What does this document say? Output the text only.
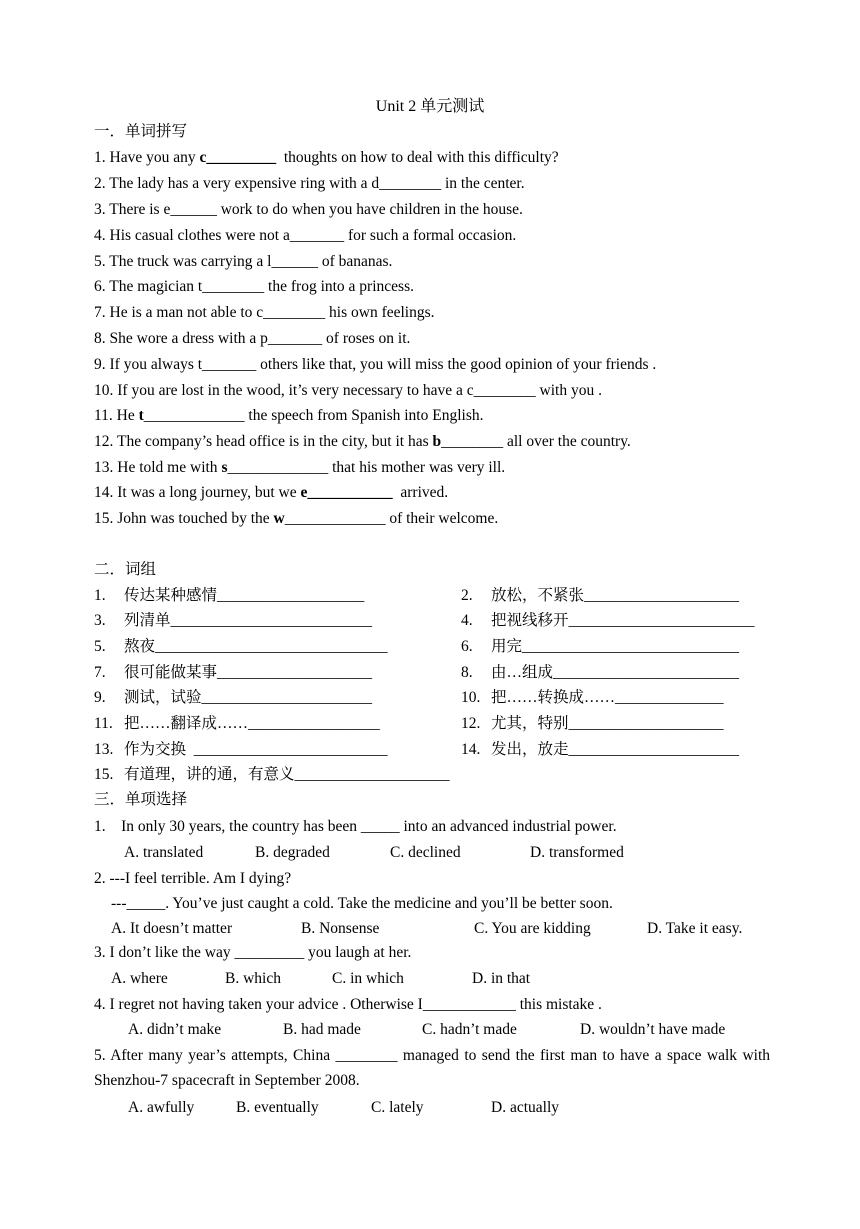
Unit 2 单元测试
一．单词拼写
1. Have you any c_________  thoughts on how to deal with this difficulty?
2. The lady has a very expensive ring with a d________ in the center.
3. There is e______ work to do when you have children in the house.
4. His casual clothes were not a_______ for such a formal occasion.
5. The truck was carrying a l______ of bananas.
6. The magician t________ the frog into a princess.
7. He is a man not able to c________ his own feelings.
8. She wore a dress with a p_______ of roses on it.
9. If you always t_______ others like that, you will miss the good opinion of your friends .
10. If you are lost in the wood, it’s very necessary to have a c________ with you .
11. He t_____________ the speech from Spanish into English.
12. The company’s head office is in the city, but it has b________ all over the country.
13. He told me with s_____________ that his mother was very ill.
14. It was a long journey, but we e___________  arrived.
15. John was touched by the w_____________ of their welcome.
二．词组
1. 传达某种感情___________________	2. 放松，不紧张____________________
3. 列清单__________________________	4. 把视线移开________________________
5. 熬夜______________________________	6. 用完____________________________
7. 很可能做某事____________________	8. 由…组成________________________
9. 测试，试验______________________	10. 把……转换成……______________
11. 把……翻译成……_________________	12. 尤其，特别____________________
13. 作为交换  _________________________	14. 发出，放走______________________
15. 有道理，讲的通，有意义____________________
三．单项选择
1.    In only 30 years, the country has been _____ into an advanced industrial power.

A. translated

	B. degraded

	C. declined

	D. transformed

2. ---I feel terrible. Am I dying?
---_____. You’ve just caught a cold. Take the medicine and you’ll be better soon.

A. It doesn’t matter

	B. Nonsense

	C. You are kidding

	D. Take it easy.

3. I don’t like the way _________ you laugh at her.

A. where

	B. which

	C. in which

	D. in that

4. I regret not having taken your advice . Otherwise I____________ this mistake .

A. didn’t make

	B. had made

	C. hadn’t made

	D. wouldn’t have made

5. After many year’s attempts, China ________ managed to send the first man to have a space walk with Shenzhou-7 spacecraft in September 2008.

A. awfully

	B. eventually

	C. lately

	D. actually
